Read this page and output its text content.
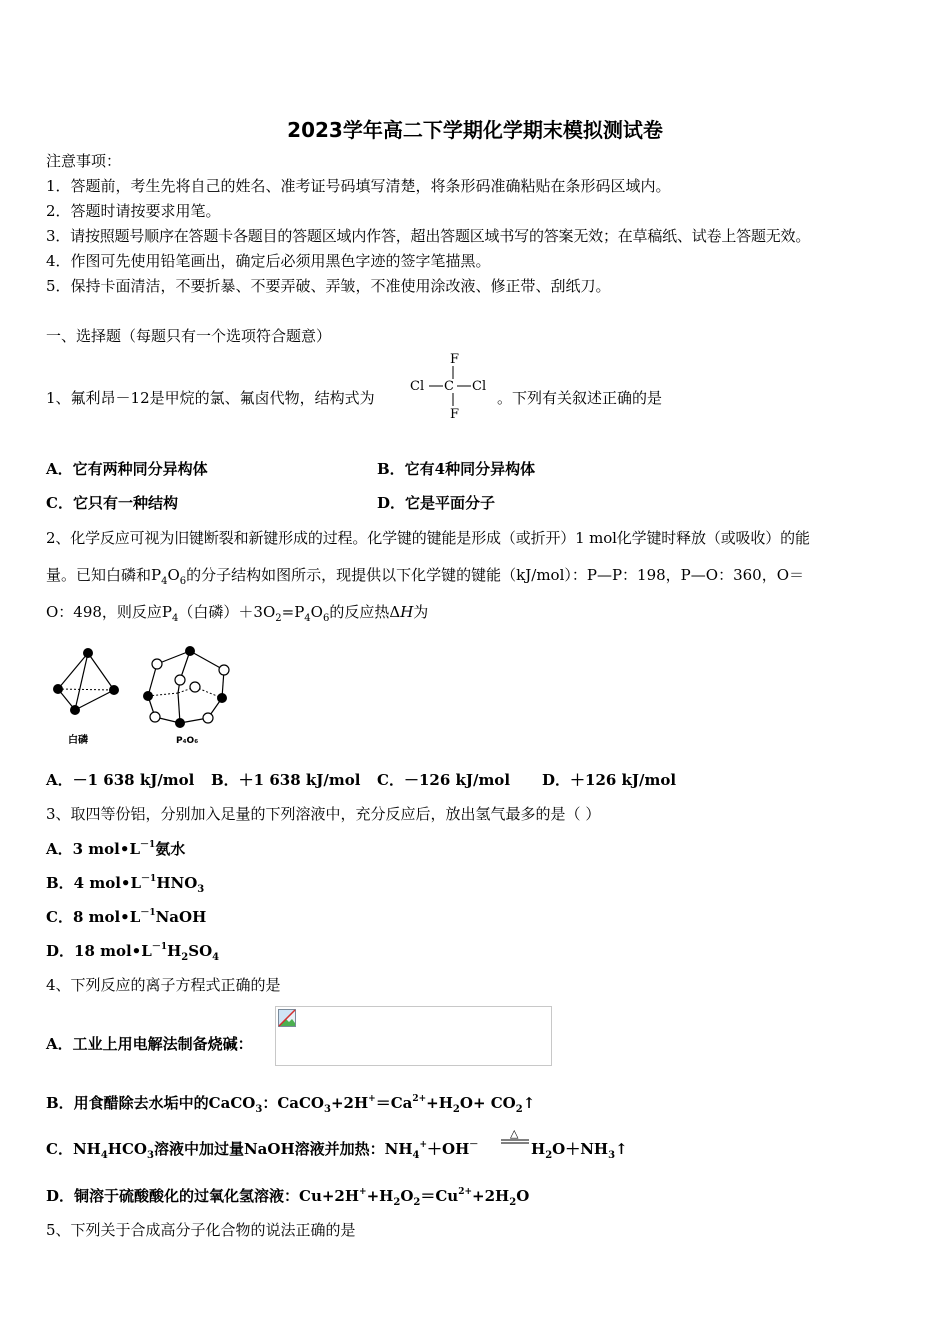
2023学年高二下学期化学期末模拟测试卷
注意事项：
1．答题前，考生先将自己的姓名、准考证号码填写清楚，将条形码准确粘贴在条形码区域内。
2．答题时请按要求用笔。
3．请按照题号顺序在答题卡各题目的答题区域内作答，超出答题区域书写的答案无效；在草稿纸、试卷上答题无效。
4．作图可先使用铅笔画出，确定后必须用黑色字迹的签字笔描黑。
5．保持卡面清洁，不要折暴、不要弄破、弄皱，不准使用涂改液、修正带、刮纸刀。
一、选择题（每题只有一个选项符合题意）
1、氟利昂－12是甲烷的氯、氟卤代物，结构式为
F
Cl C Cl
F
。下列有关叙述正确的是
A．它有两种同分异构体	B．它有4种同分异构体
C．它只有一种结构	D．它是平面分子
2、化学反应可视为旧键断裂和新键形成的过程。化学键的键能是形成（或折开）1 mol化学键时释放（或吸收）的能
量。已知白磷和$P_4O_6$的分子结构如图所示，现提供以下化学键的键能（kJ/mol）：P—P：198，P—O：360，O＝
O：498，则反应$P_4$（白磷）$+3O_2=P_4O_6$的反应热ΔH为
白磷	P₄O₆
A．－1 638 kJ/mol B．＋1 638 kJ/mol C．－126 kJ/mol D．＋126 kJ/mol
3、取四等份铝，分别加入足量的下列溶液中，充分反应后，放出氢气最多的是（ ）
A．3 $mol•L^{-1}$氨水
B．4 $mol•L^{-1}HNO_3$
C．8 $mol•L^{-1}NaOH$
D．18 $mol•L^{-1}H_2SO_4$
4、下列反应的离子方程式正确的是
A．工业上用电解法制备烧碱：
B．用食醋除去水垢中的CaCO$_3$：$CaCO_3+2H^+=Ca^{2+}+H_2O+$ $CO_2↑$
C．$NH_4HCO_3$溶液中加过量NaOH溶液并加热：$NH_4^++OH^-$
△
$H_2O+NH_3↑$
D．铜溶于硫酸酸化的过氧化氢溶液：$Cu+2H^++H_2O_2=Cu^{2+}+2H_2O$
5、下列关于合成高分子化合物的说法正确的是
